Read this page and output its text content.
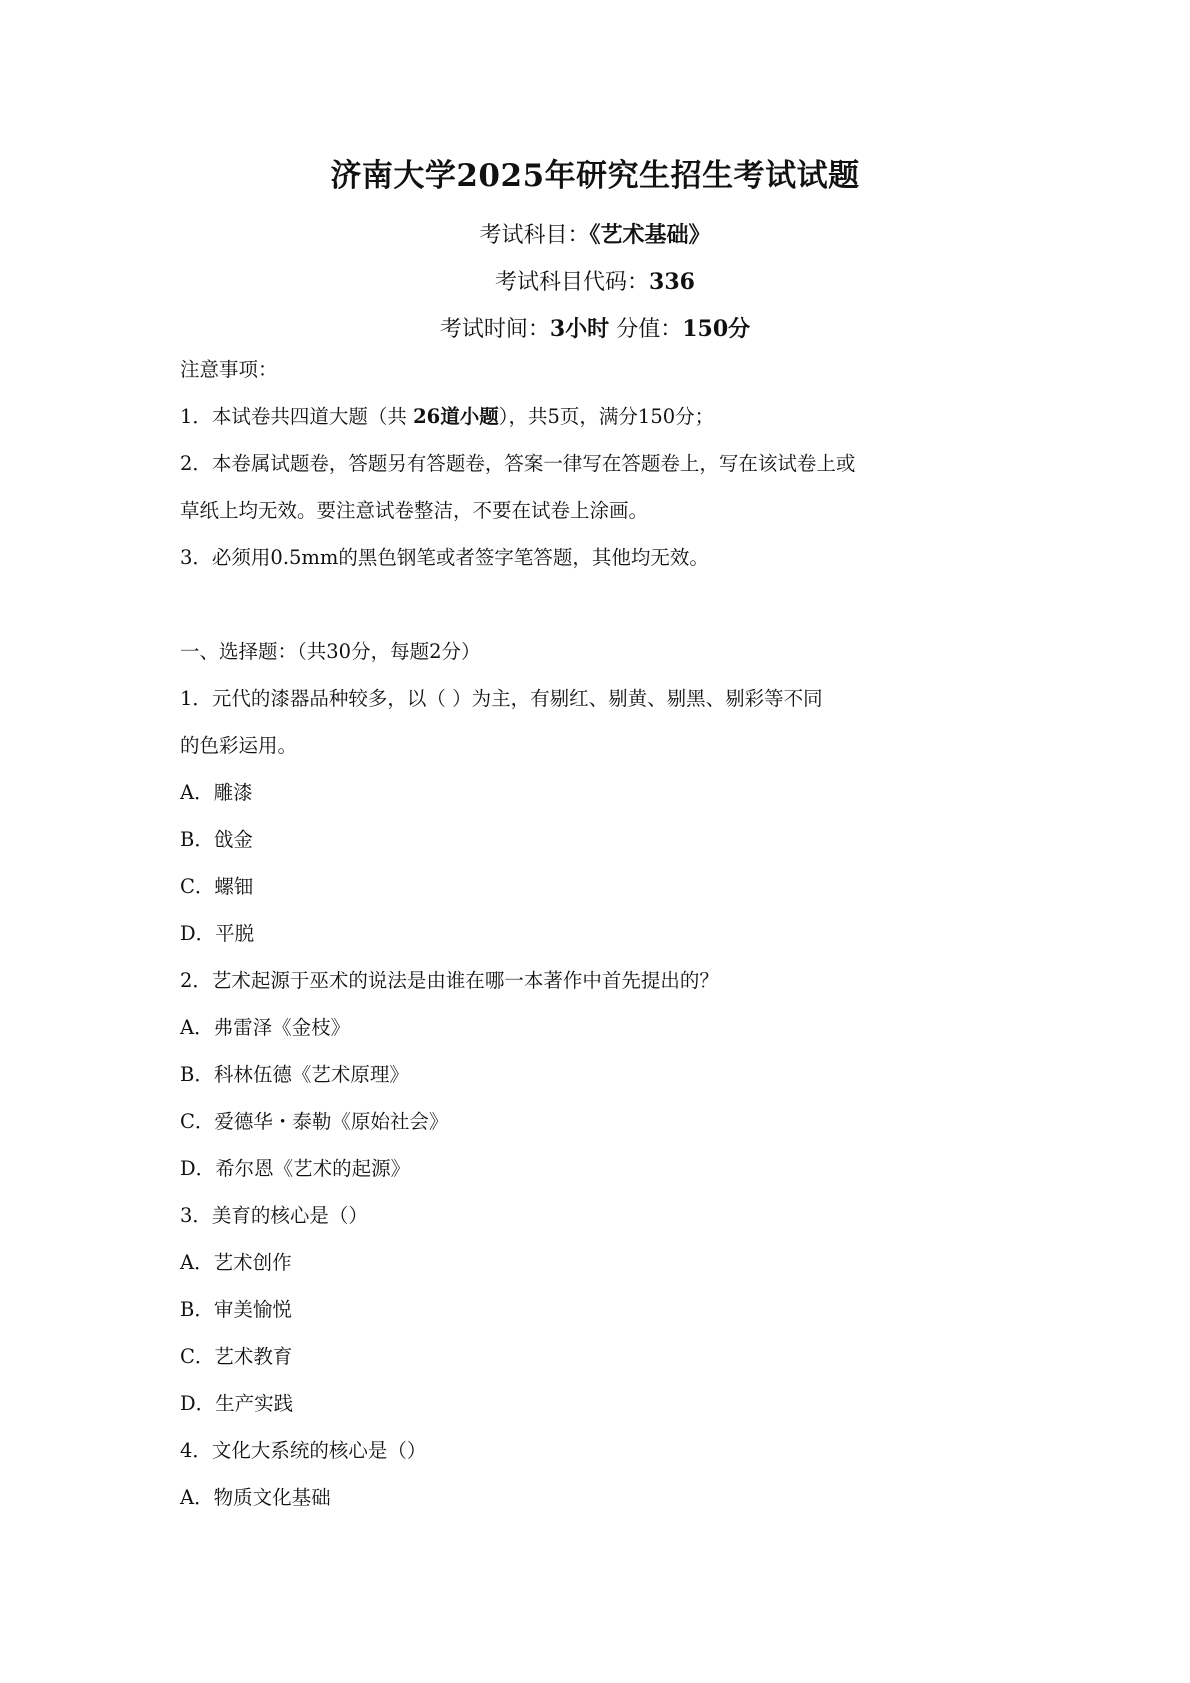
济南大学2025年研究生招生考试试题
考试科目：《艺术基础》
考试科目代码：336
考试时间：3小时 分值：150分
注意事项：
1．本试卷共四道大题（共 26道小题），共5页，满分150分；
2．本卷属试题卷，答题另有答题卷，答案一律写在答题卷上，写在该试卷上或
草纸上均无效。要注意试卷整洁，不要在试卷上涂画。
3．必须用0.5mm的黑色钢笔或者签字笔答题，其他均无效。
一、选择题：（共30分，每题2分）
1．元代的漆器品种较多，以（ ）为主，有剔红、剔黄、剔黑、剔彩等不同
的色彩运用。
A．雕漆
B．戗金
C．螺钿
D．平脱
2．艺术起源于巫术的说法是由谁在哪一本著作中首先提出的？
A．弗雷泽《金枝》
B．科林伍德《艺术原理》
C．爱德华・泰勒《原始社会》
D．希尔恩《艺术的起源》
3．美育的核心是（）
A．艺术创作
B．审美愉悦
C．艺术教育
D．生产实践
4．文化大系统的核心是（）
A．物质文化基础
